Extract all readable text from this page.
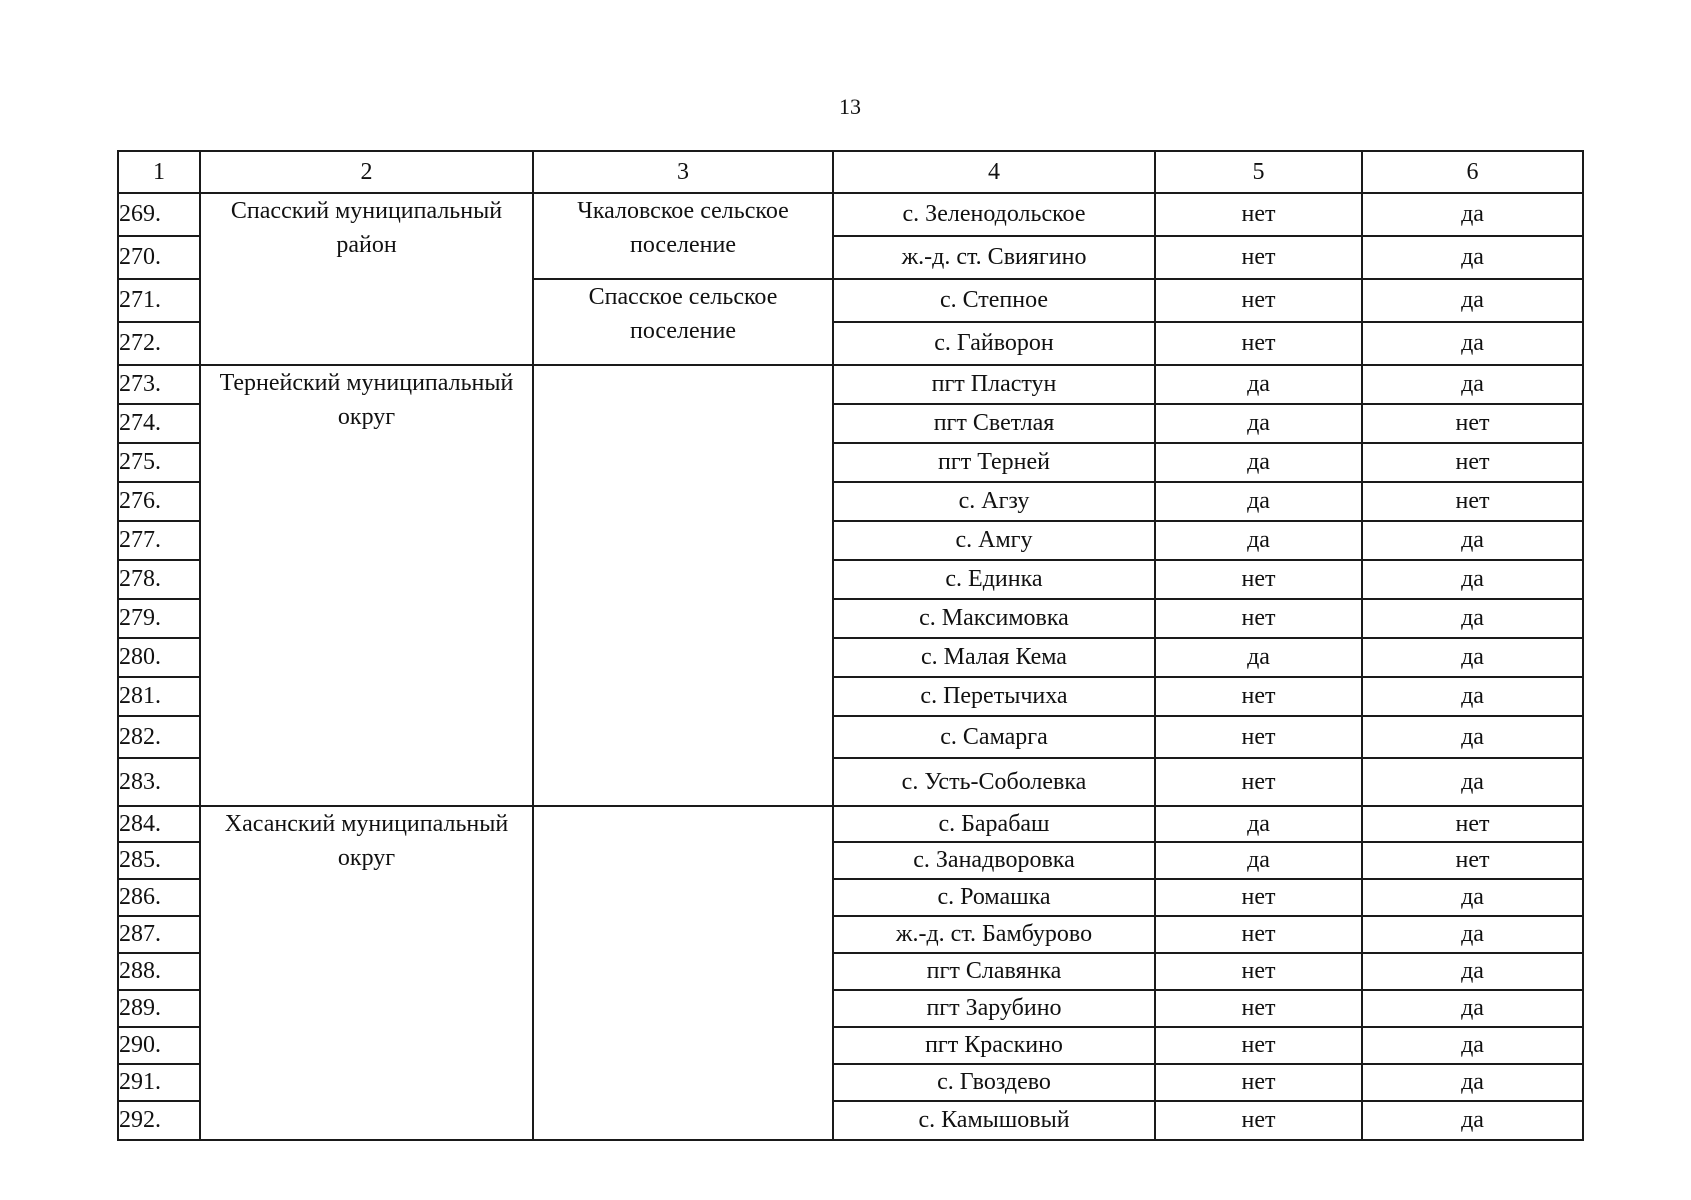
13
1	2	3	4	5	6
269.	Спасский муниципальный район	Чкаловское сельское поселение	с. Зеленодольское	нет	да
270.			ж.-д. ст. Свиягино	нет	да
271.		Спасское сельское поселение	с. Степное	нет	да
272.			с. Гайворон	нет	да
273.	Тернейский муниципальный округ		пгт Пластун	да	да
274.			пгт Светлая	да	нет
275.			пгт Терней	да	нет
276.			с. Агзу	да	нет
277.			с. Амгу	да	да
278.			с. Единка	нет	да
279.			с. Максимовка	нет	да
280.			с. Малая Кема	да	да
281.			с. Перетычиха	нет	да
282.			с. Самарга	нет	да
283.			с. Усть-Соболевка	нет	да
284.	Хасанский муниципальный округ		с. Барабаш	да	нет
285.			с. Занадворовка	да	нет
286.			с. Ромашка	нет	да
287.			ж.-д. ст. Бамбурово	нет	да
288.			пгт Славянка	нет	да
289.			пгт Зарубино	нет	да
290.			пгт Краскино	нет	да
291.			с. Гвоздево	нет	да
292.			с. Камышовый	нет	да
